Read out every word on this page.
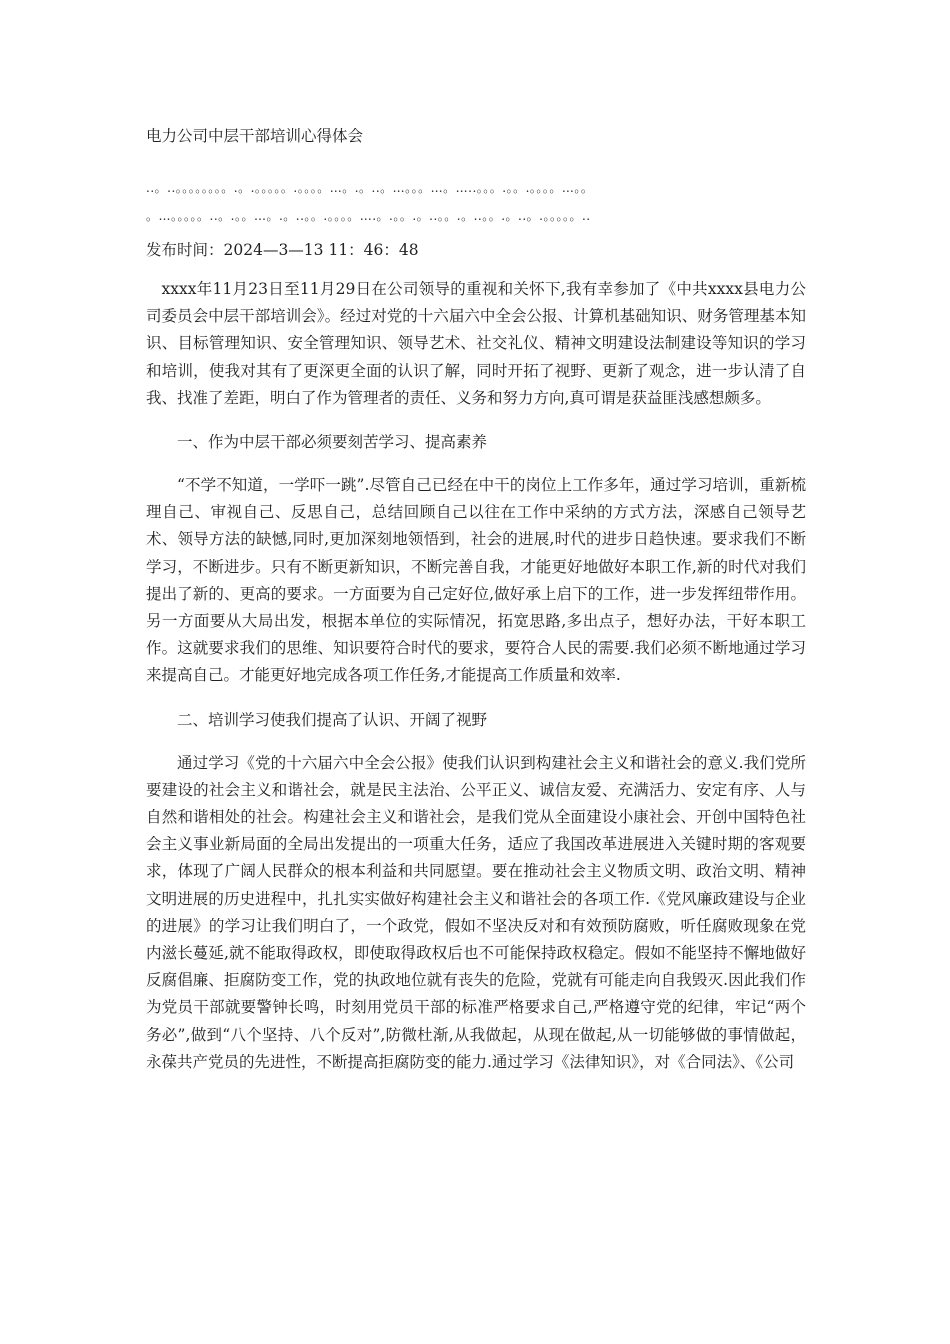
电力公司中层干部培训心得体会
..。..。。。。。。。。.。.。。。。。.。。。。…。.。..。…。。。…。…..。。。.。。.。。。。…。。
。…。。。。。..。.。。…。.。..。。.。。。。….。.。。.。..。。.。..。。.。..。.。。。。。..
发布时间：2024—3—13 11：46：48

xxxx年11月23日至11月29日在公司领导的重视和关怀下,我有幸参加了《中共xxxx县电力公司委员会中层干部培训会》。经过对党的十六届六中全会公报、计算机基础知识、财务管理基本知识、目标管理知识、安全管理知识、领导艺术、社交礼仪、精神文明建设法制建设等知识的学习和培训，使我对其有了更深更全面的认识了解，同时开拓了视野、更新了观念，进一步认清了自我、找准了差距，明白了作为管理者的责任、义务和努力方向,真可谓是获益匪浅感想颇多。

一、作为中层干部必须要刻苦学习、提高素养

“不学不知道，一学吓一跳”.尽管自己已经在中干的岗位上工作多年，通过学习培训，重新梳理自己、审视自己、反思自己，总结回顾自己以往在工作中采纳的方式方法，深感自己领导艺术、领导方法的缺憾,同时,更加深刻地领悟到，社会的进展,时代的进步日趋快速。要求我们不断学习，不断进步。只有不断更新知识，不断完善自我，才能更好地做好本职工作,新的时代对我们提出了新的、更高的要求。一方面要为自己定好位,做好承上启下的工作，进一步发挥纽带作用。另一方面要从大局出发，根据本单位的实际情况，拓宽思路,多出点子，想好办法，干好本职工作。这就要求我们的思维、知识要符合时代的要求，要符合人民的需要.我们必须不断地通过学习来提高自己。才能更好地完成各项工作任务,才能提高工作质量和效率.

二、培训学习使我们提高了认识、开阔了视野

通过学习《党的十六届六中全会公报》使我们认识到构建社会主义和谐社会的意义.我们党所要建设的社会主义和谐社会，就是民主法治、公平正义、诚信友爱、充满活力、安定有序、人与自然和谐相处的社会。构建社会主义和谐社会，是我们党从全面建设小康社会、开创中国特色社会主义事业新局面的全局出发提出的一项重大任务，适应了我国改革进展进入关键时期的客观要求，体现了广阔人民群众的根本利益和共同愿望。要在推动社会主义物质文明、政治文明、精神文明进展的历史进程中，扎扎实实做好构建社会主义和谐社会的各项工作.《党风廉政建设与企业的进展》的学习让我们明白了，一个政党，假如不坚决反对和有效预防腐败，听任腐败现象在党内滋长蔓延,就不能取得政权，即使取得政权后也不可能保持政权稳定。假如不能坚持不懈地做好反腐倡廉、拒腐防变工作，党的执政地位就有丧失的危险，党就有可能走向自我毁灭.因此我们作为党员干部就要警钟长鸣，时刻用党员干部的标准严格要求自己,严格遵守党的纪律，牢记“两个务必”,做到“八个坚持、八个反对”,防微杜渐,从我做起，从现在做起,从一切能够做的事情做起，永葆共产党员的先进性，不断提高拒腐防变的能力.通过学习《法律知识》，对《合同法》、《公司
